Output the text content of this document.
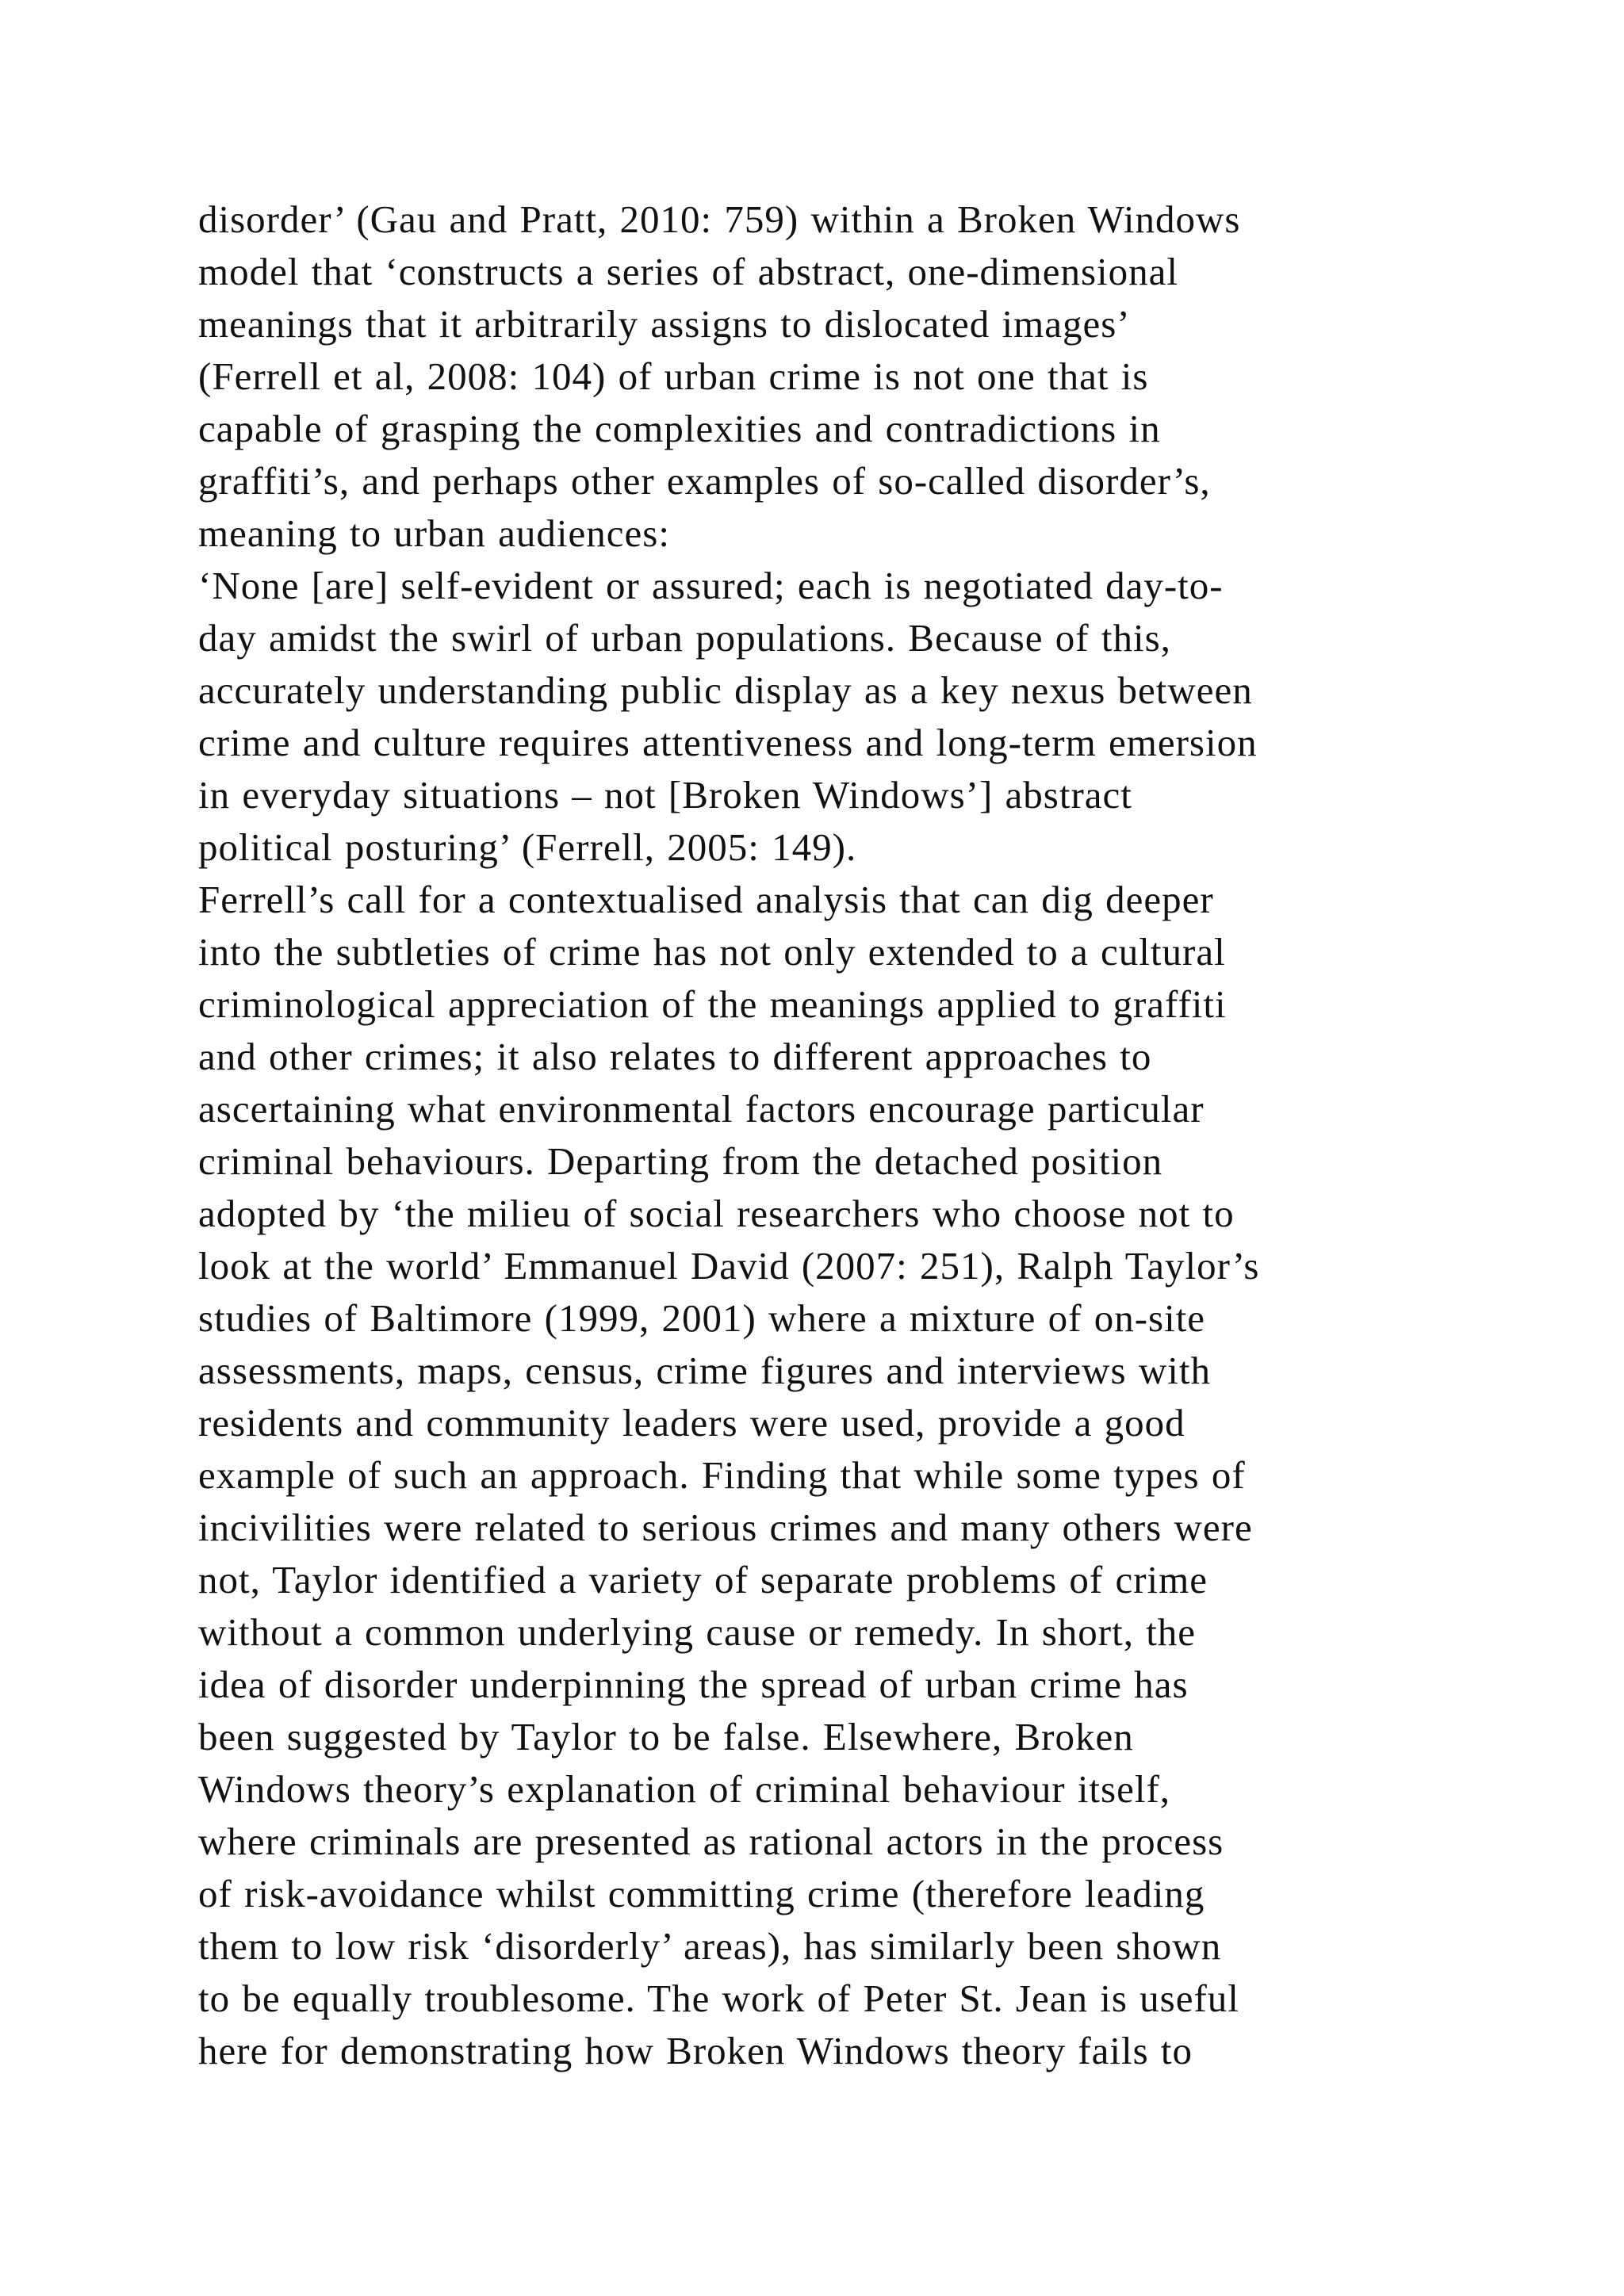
disorder’ (Gau and Pratt, 2010: 759) within a Broken Windows
model that ‘constructs a series of abstract, one-dimensional
meanings that it arbitrarily assigns to dislocated images’
(Ferrell et al, 2008: 104) of urban crime is not one that is
capable of grasping the complexities and contradictions in
graffiti’s, and perhaps other examples of so-called disorder’s,
meaning to urban audiences:
‘None [are] self-evident or assured; each is negotiated day-to-
day amidst the swirl of urban populations. Because of this,
accurately understanding public display as a key nexus between
crime and culture requires attentiveness and long-term emersion
in everyday situations – not [Broken Windows’] abstract
political posturing’ (Ferrell, 2005: 149).
Ferrell’s call for a contextualised analysis that can dig deeper
into the subtleties of crime has not only extended to a cultural
criminological appreciation of the meanings applied to graffiti
and other crimes; it also relates to different approaches to
ascertaining what environmental factors encourage particular
criminal behaviours. Departing from the detached position
adopted by ‘the milieu of social researchers who choose not to
look at the world’ Emmanuel David (2007: 251), Ralph Taylor’s
studies of Baltimore (1999, 2001) where a mixture of on-site
assessments, maps, census, crime figures and interviews with
residents and community leaders were used, provide a good
example of such an approach. Finding that while some types of
incivilities were related to serious crimes and many others were
not, Taylor identified a variety of separate problems of crime
without a common underlying cause or remedy. In short, the
idea of disorder underpinning the spread of urban crime has
been suggested by Taylor to be false. Elsewhere, Broken
Windows theory’s explanation of criminal behaviour itself,
where criminals are presented as rational actors in the process
of risk-avoidance whilst committing crime (therefore leading
them to low risk ‘disorderly’ areas), has similarly been shown
to be equally troublesome. The work of Peter St. Jean is useful
here for demonstrating how Broken Windows theory fails to
